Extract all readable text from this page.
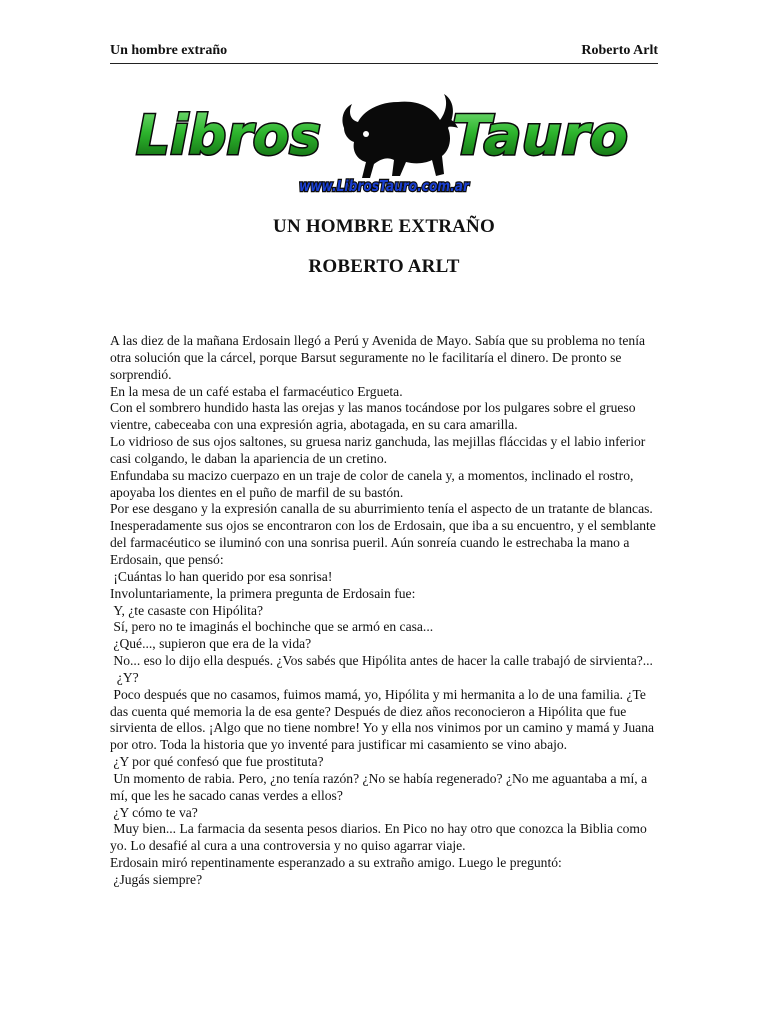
Un hombre extraño	Roberto Arlt
Libros Tauro
www.LibrosTauro.com.ar
UN HOMBRE EXTRAÑO
ROBERTO ARLT

A las diez de la mañana Erdosain llegó a Perú y Avenida de Mayo. Sabía que su problema no tenía otra solución que la cárcel, porque Barsut seguramente no le facilitaría el dinero. De pronto se sorprendió.

En la mesa de un café estaba el farmacéutico Ergueta.

Con el sombrero hundido hasta las orejas y las manos tocándose por los pulgares sobre el grueso vientre, cabeceaba con una expresión agria, abotagada, en su cara amarilla.

Lo vidrioso de sus ojos saltones, su gruesa nariz ganchuda, las mejillas fláccidas y el labio inferior casi colgando, le daban la apariencia de un cretino.

Enfundaba su macizo cuerpazo en un traje de color de canela y, a momentos, inclinado el rostro, apoyaba los dientes en el puño de marfil de su bastón.

Por ese desgano y la expresión canalla de su aburrimiento tenía el aspecto de un tratante de blancas. Inesperadamente sus ojos se encontraron con los de Erdosain, que iba a su encuentro, y el semblante del farmacéutico se iluminó con una sonrisa pueril. Aún sonreía cuando le estrechaba la mano a Erdosain, que pensó:

¡Cuántas lo han querido por esa sonrisa!

Involuntariamente, la primera pregunta de Erdosain fue:

Y, ¿te casaste con Hipólita?

Sí, pero no te imaginás el bochinche que se armó en casa...

¿Qué..., supieron que era de la vida?

No... eso lo dijo ella después. ¿Vos sabés que Hipólita antes de hacer la calle trabajó de sirvienta?...

¿Y?

Poco después que no casamos, fuimos mamá, yo, Hipólita y mi hermanita a lo de una familia. ¿Te das cuenta qué memoria la de esa gente? Después de diez años reconocieron a Hipólita que fue sirvienta de ellos. ¡Algo que no tiene nombre! Yo y ella nos vinimos por un camino y mamá y Juana por otro. Toda la historia que yo inventé para justificar mi casamiento se vino abajo.

¿Y por qué confesó que fue prostituta?

Un momento de rabia. Pero, ¿no tenía razón? ¿No se había regenerado? ¿No me aguantaba a mí, a mí, que les he sacado canas verdes a ellos?

¿Y cómo te va?

Muy bien... La farmacia da sesenta pesos diarios. En Pico no hay otro que conozca la Biblia como yo. Lo desafié al cura a una controversia y no quiso agarrar viaje.

Erdosain miró repentinamente esperanzado a su extraño amigo. Luego le preguntó:

¿Jugás siempre?
